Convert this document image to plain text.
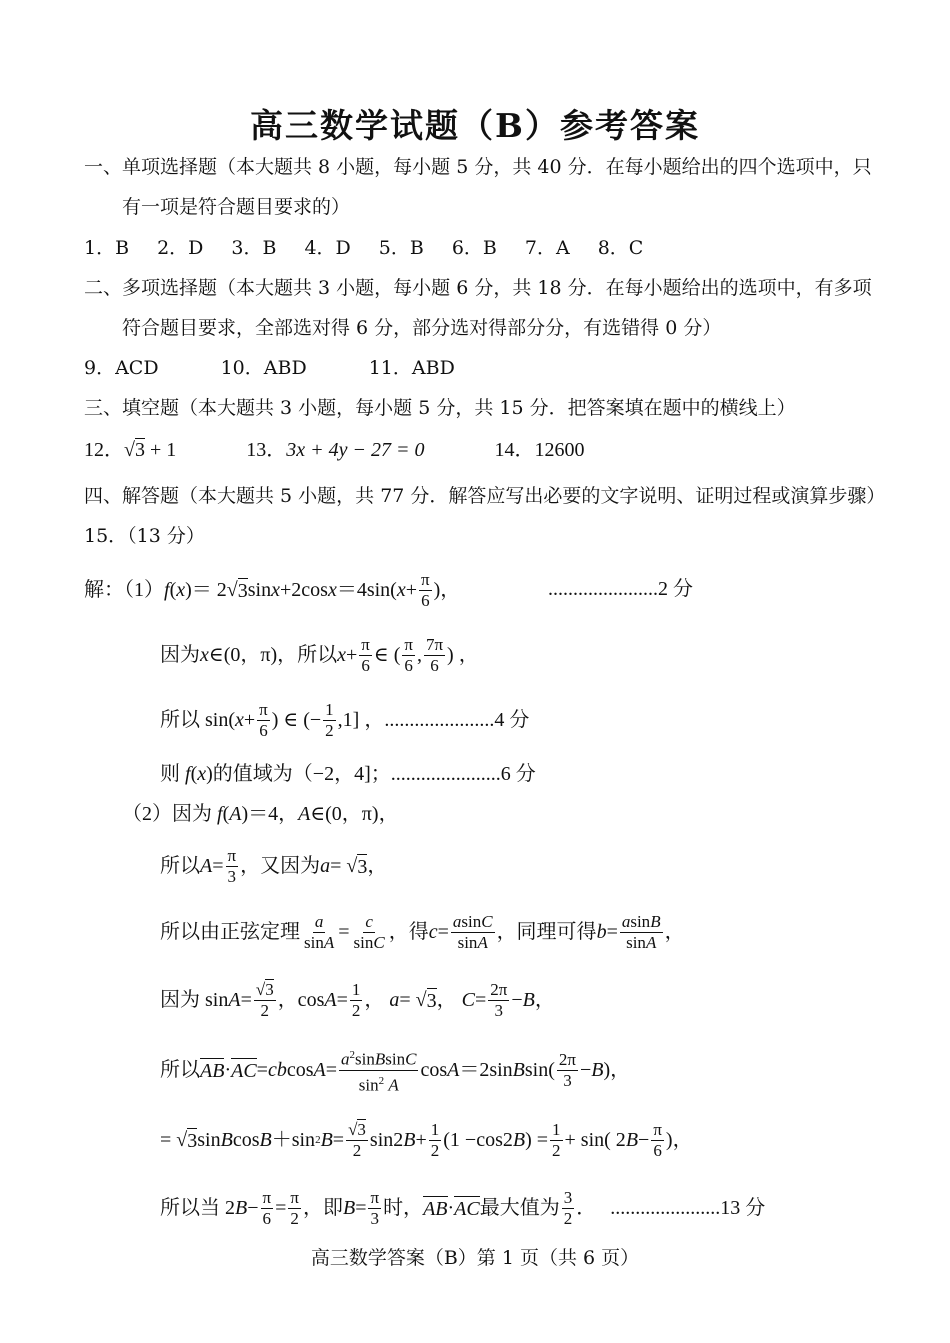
高三数学试题（B）参考答案
一、单项选择题（本大题共 8 小题，每小题 5 分，共 40 分．在每小题给出的四个选项中，只
有一项是符合题目要求的）
1．B 2．D 3．B 4．D 5．B 6．B 7．A 8．C
二、多项选择题（本大题共 3 小题，每小题 6 分，共 18 分．在每小题给出的选项中，有多项
符合题目要求，全部选对得 6 分，部分选对得部分分，有选错得 0 分）
9．ACD	10．ABD	11．ABD
三、填空题（本大题共 3 小题，每小题 5 分，共 15 分．把答案填在题中的横线上）
12．√3 + 1	13．3x + 4y − 27 = 0	14．12600
四、解答题（本大题共 5 小题，共 77 分．解答应写出必要的文字说明、证明过程或演算步骤）
15．（13 分）
解：（1） f ( x )＝ 2√ 3 sin x +2cos x ＝4sin( $x + \frac{\pi}{6}$ )，	......................2 分
因为 x ∈(0，π)，所以 $x + \frac{\pi}{6}$ ∈ ( $\frac{\pi}{6}$ , $\frac{7\pi}{6}$ ) ，
所以 sin( $x + \frac{\pi}{6}$ ) ∈ (− $\frac{1}{2} ,1$] ， ......................4 分
则 f(x)的值域为（−2，4]；......................6 分
（2）因为 f(A)＝4，A∈(0，π)，
所以 $A = \frac{\pi}{3}$ ，又因为 a = √ 3 ，
所以由正弦定理 $\frac{a}{\sin A} = \frac{c}{\sin C}$ ，得 $c = \frac{asinC}{\sin A}$ ，同理可得 $b = \frac{asinB}{\sin A}$ ，
因为 $\sin A = \frac{√3}{2}$ ，$\cos A = \frac{1}{2}$ ， a = √ 3 ， $C = \frac{2\pi}{3} - B$ ，
所以 AB · AC = cb $\cos A = \frac{a^2sinBsinC}{\sin^2 A}$ cos A ＝2sin B $\sin( \frac{2\pi}{3} - B$ )，
= √ 3 sin B cos B ＋sin 2 $B = \frac{√3}{2} \sin 2$ $B + \frac{1}{2} (1 -\cos 2$ B ) = $\frac{1}{2} + \sin$( 2 $B - \frac{\pi}{6}$ )，
所以当 2 $B - \frac{\pi}{6} = \frac{\pi}{2}$ ，即 $B = \frac{\pi}{3}$ 时， AB · AC 最大值为 $\frac{3}{2}$ ． ......................13 分
高三数学答案（B）第 1 页（共 6 页）
